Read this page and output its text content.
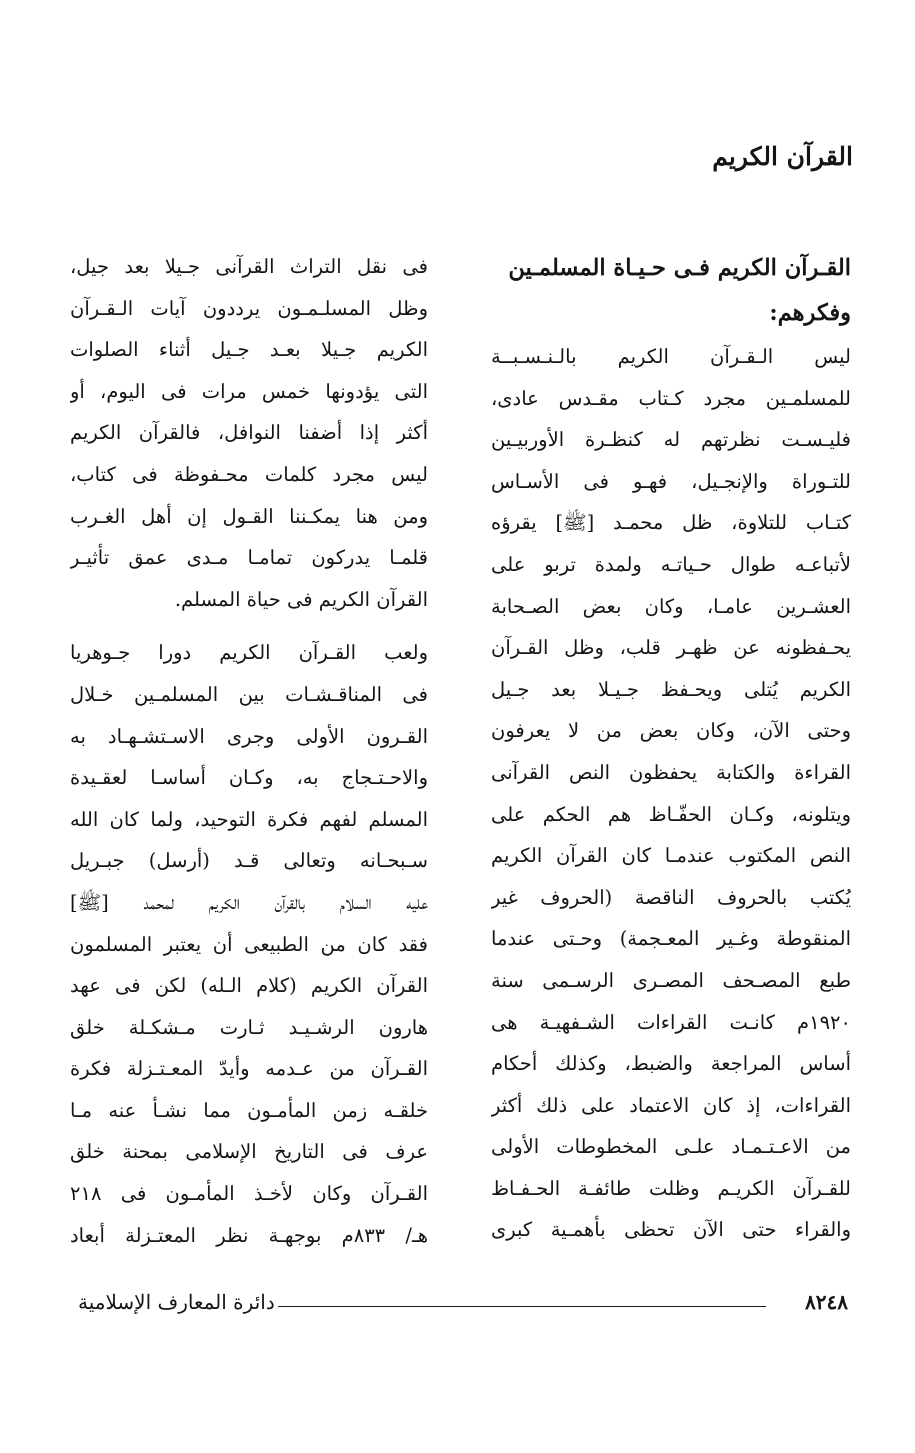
القرآن الكريم
القـرآن الكريم فـى حـيـاة المسلمـين
وفكرهم:
ليس الـقـرآن الكريم بالـنـسـبــة
للمسلمـين مجرد كـتاب مقـدس عادى،
فليـسـت نظرتهم له كنظـرة الأوربيـين
للتـوراة والإنجـيل، فهـو فى الأسـاس
كتـاب للتلاوة، ظل محمـد [ﷺ] يقرؤه
لأتباعـه طوال حـياتـه ولمدة تربو على
العشـرين عامـا، وكان بعض الصـحابة
يحـفظونه عن ظهـر قلب، وظل القـرآن
الكريم يُتلى ويحـفظ جـيـلا بعد جـيل
وحتى الآن، وكان بعض من لا يعرفون
القراءة والكتابة يحفظون النص القرآنى
ويتلونه، وكـان الحفّـاظ هم الحكم على
النص المكتوب عندمـا كان القرآن الكريم
يُكتب بالحروف الناقصة (الحروف غير
المنقوطة وغـير المعـجمة) وحـتى عندما
طبع المصـحف المصـرى الرسـمى سنة
١٩٢٠م كانـت القراءات الشـفهيـة هى
أساس المراجعة والضبط، وكذلك أحكام
القراءات، إذ كان الاعتماد على ذلك أكثر
من الاعـتـمـاد علـى المخطوطات الأولى
للقـرآن الكريـم وظلت طائفـة الحـفـاظ
والقراء حتى الآن تحظى بأهمـية كبرى
فى نقل التراث القرآنى جـيلا بعد جيل،
وظل المسلـمـون يرددون آيات الـقـرآن
الكريم جـيلا بعـد جـيل أثناء الصلوات
التى يؤدونها خمس مرات فى اليوم، أو
أكثر إذا أضفنا النوافل، فالقرآن الكريم
ليس مجرد كلمات محـفوظة فى كتاب،
ومن هنا يمكـننا القـول إن أهل الغـرب
قلمـا يدركون تمامـا مـدى عمق تأثيـر
القرآن الكريم فى حياة المسلم.
ولعب القـرآن الكريم دورا جـوهريا
فى المناقـشـات بين المسلمـين خـلال
القـرون الأولى وجرى الاسـتشـهـاد به
والاحـتـجاج به، وكـان أساسـا لعقـيدة
المسلم لفهم فكرة التوحيد، ولما كان الله
سـبحـانه وتعالى قـد (أرسل) جبـريل
عليه السلام بالقرآن الكريم لمحمد [ﷺ]
فقد كان من الطبيعى أن يعتبر المسلمون
القرآن الكريم (كلام الـله) لكن فى عهد
هارون الرشـيـد ثـارت مـشكـلة خلق
القـرآن من عـدمه وأيدّ المعـتـزلة فكرة
خلقـه زمن المأمـون مما نشـأ عنه مـا
عرف فى التاريخ الإسلامى بمحنة خلق
القـرآن وكان لأخـذ المأمـون فى ٢١٨
هـ/ ٨٣٣م بوجهـة نظر المعتـزلة أبعاد
٨٢٤٨
دائرة المعارف الإسلامية
